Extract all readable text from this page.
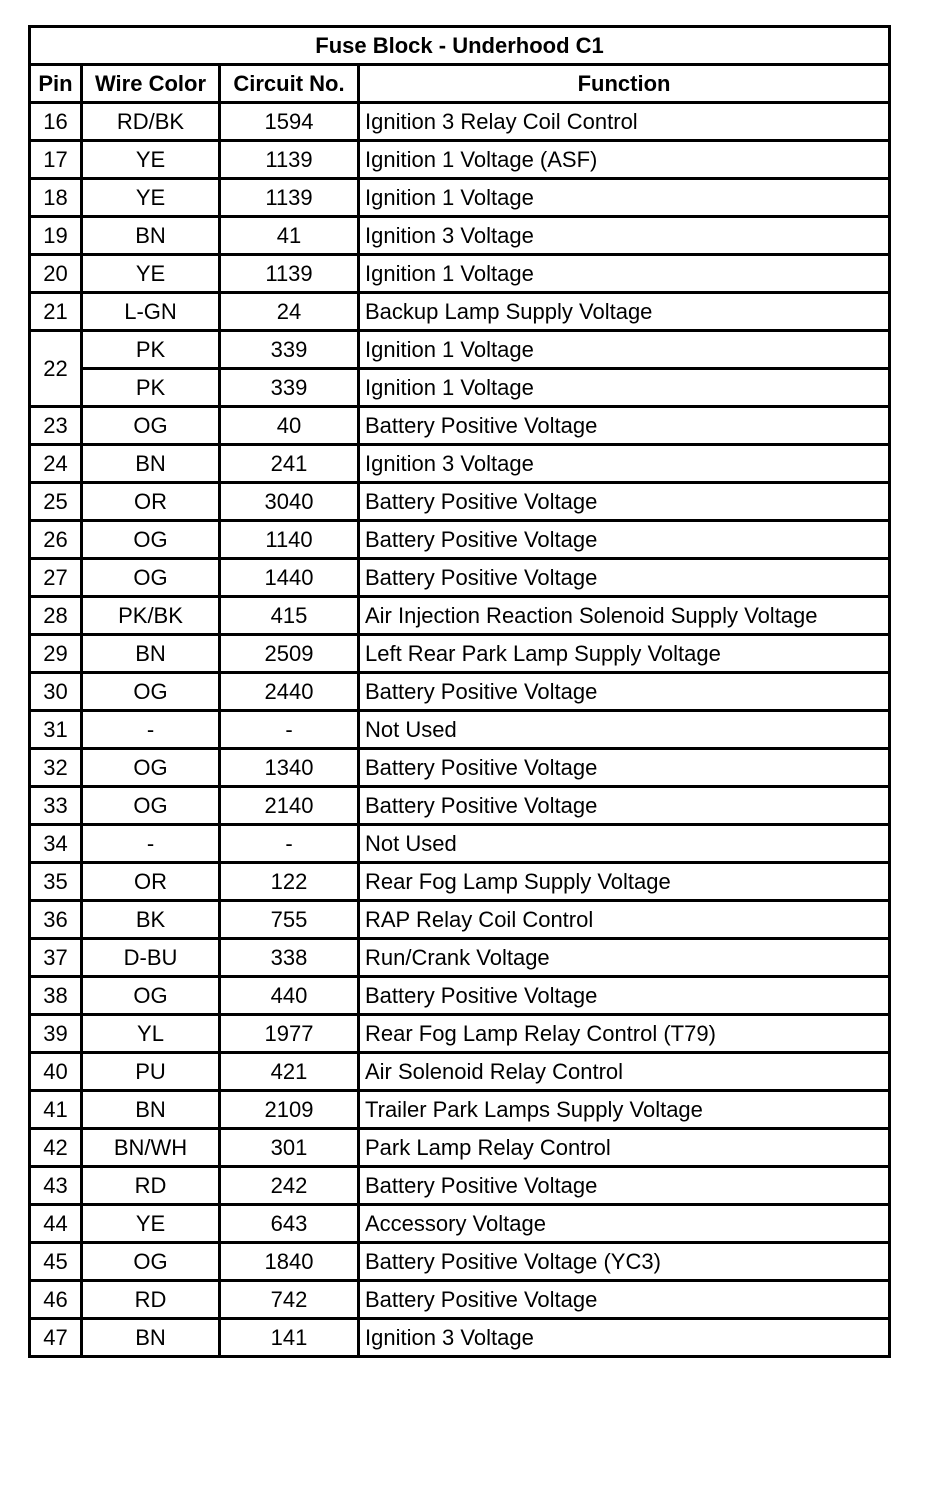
Fuse Block - Underhood C1			
Pin	Wire Color	Circuit No.	Function
16	RD/BK	1594	Ignition 3 Relay Coil Control
17	YE	1139	Ignition 1 Voltage (ASF)
18	YE	1139	Ignition 1 Voltage
19	BN	41	Ignition 3 Voltage
20	YE	1139	Ignition 1 Voltage
21	L-GN	24	Backup Lamp Supply Voltage
22	PK	339	Ignition 1 Voltage
	PK	339	Ignition 1 Voltage
23	OG	40	Battery Positive Voltage
24	BN	241	Ignition 3 Voltage
25	OR	3040	Battery Positive Voltage
26	OG	1140	Battery Positive Voltage
27	OG	1440	Battery Positive Voltage
28	PK/BK	415	Air Injection Reaction Solenoid Supply Voltage
29	BN	2509	Left Rear Park Lamp Supply Voltage
30	OG	2440	Battery Positive Voltage
31	-	-	Not Used
32	OG	1340	Battery Positive Voltage
33	OG	2140	Battery Positive Voltage
34	-	-	Not Used
35	OR	122	Rear Fog Lamp Supply Voltage
36	BK	755	RAP Relay Coil Control
37	D-BU	338	Run/Crank Voltage
38	OG	440	Battery Positive Voltage
39	YL	1977	Rear Fog Lamp Relay Control (T79)
40	PU	421	Air Solenoid Relay Control
41	BN	2109	Trailer Park Lamps Supply Voltage
42	BN/WH	301	Park Lamp Relay Control
43	RD	242	Battery Positive Voltage
44	YE	643	Accessory Voltage
45	OG	1840	Battery Positive Voltage (YC3)
46	RD	742	Battery Positive Voltage
47	BN	141	Ignition 3 Voltage
